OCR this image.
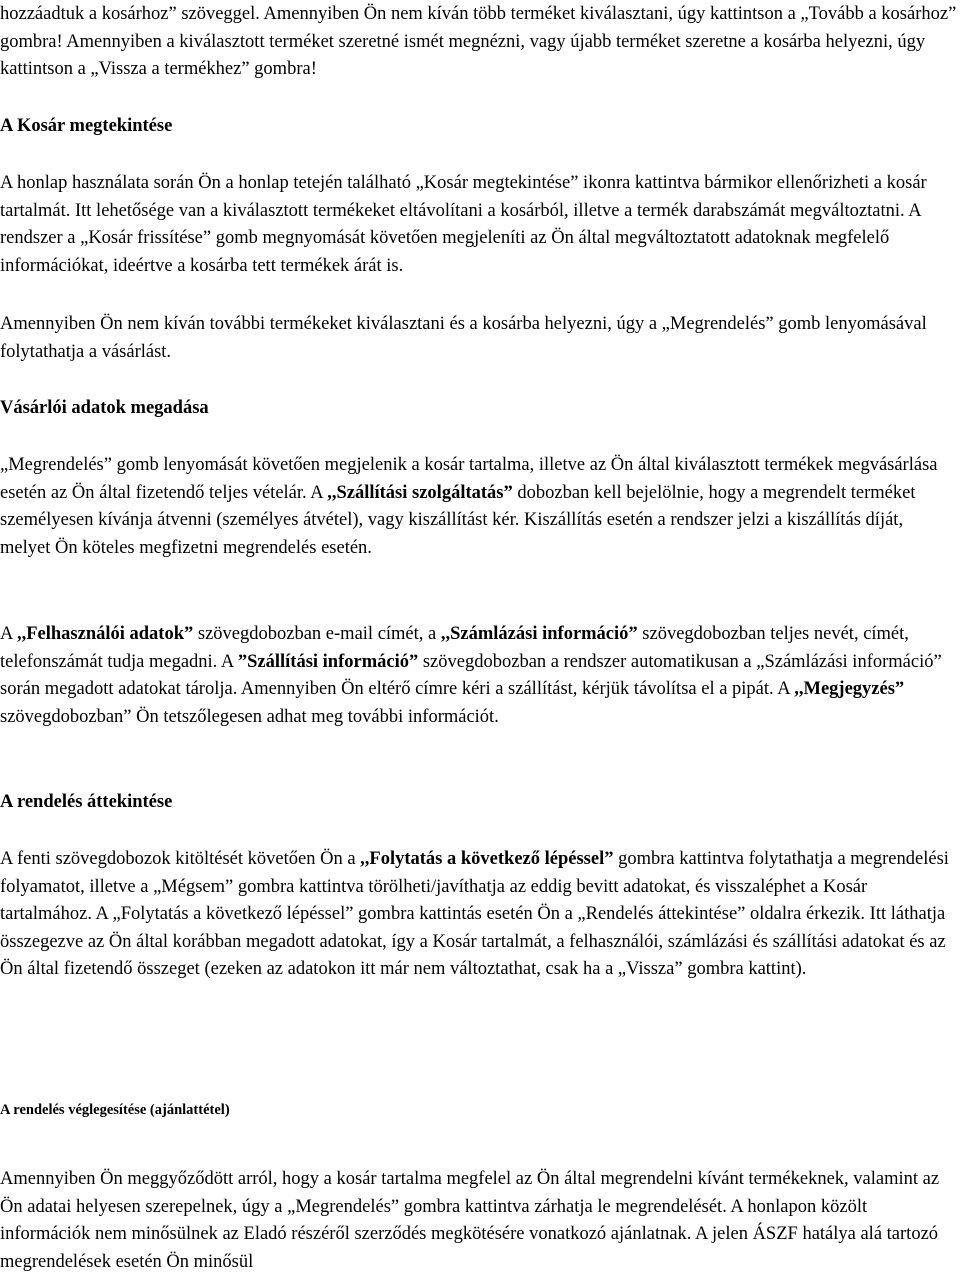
hozzáadtuk a kosárhoz” szöveggel. Amennyiben Ön nem kíván több terméket kiválasztani, úgy kattintson a „Tovább a kosárhoz” gombra! Amennyiben a kiválasztott terméket szeretné ismét megnézni, vagy újabb terméket szeretne a kosárba helyezni, úgy kattintson a „Vissza a termékhez” gombra!

A Kosár megtekintése

A honlap használata során Ön a honlap tetején található „Kosár megtekintése” ikonra kattintva bármikor ellenőrizheti a kosár tartalmát. Itt lehetősége van a kiválasztott termékeket eltávolítani a kosárból, illetve a termék darabszámát megváltoztatni. A rendszer a „Kosár frissítése” gomb megnyomását követően megjeleníti az Ön által megváltoztatott adatoknak megfelelő információkat, ideértve a kosárba tett termékek árát is.

Amennyiben Ön nem kíván további termékeket kiválasztani és a kosárba helyezni, úgy a „Megrendelés” gomb lenyomásával folytathatja a vásárlást.

Vásárlói adatok megadása

„Megrendelés” gomb lenyomását követően megjelenik a kosár tartalma, illetve az Ön által kiválasztott termékek megvásárlása esetén az Ön által fizetendő teljes vételár. A ,,Szállítási szolgáltatás” dobozban kell bejelölnie, hogy a megrendelt terméket személyesen kívánja átvenni (személyes átvétel), vagy kiszállítást kér. Kiszállítás esetén a rendszer jelzi a kiszállítás díját, melyet Ön köteles megfizetni megrendelés esetén.

A ,,Felhasználói adatok” szövegdobozban e-mail címét, a ,,Számlázási információ” szövegdobozban teljes nevét, címét, telefonszámát tudja megadni. A ”Szállítási információ” szövegdobozban a rendszer automatikusan a „Számlázási információ” során megadott adatokat tárolja. Amennyiben Ön eltérő címre kéri a szállítást, kérjük távolítsa el a pipát. A ,,Megjegyzés” szövegdobozban” Ön tetszőlegesen adhat meg további információt.

A rendelés áttekintése

A fenti szövegdobozok kitöltését követően Ön a ,,Folytatás a következő lépéssel” gombra kattintva folytathatja a megrendelési folyamatot, illetve a „Mégsem” gombra kattintva törölheti/javíthatja az eddig bevitt adatokat, és visszaléphet a Kosár tartalmához. A „Folytatás a következő lépéssel” gombra kattintás esetén Ön a „Rendelés áttekintése” oldalra érkezik. Itt láthatja összegezve az Ön által korábban megadott adatokat, így a Kosár tartalmát, a felhasználói, számlázási és szállítási adatokat és az Ön által fizetendő összeget (ezeken az adatokon itt már nem változtathat, csak ha a „Vissza” gombra kattint).

A rendelés véglegesítése (ajánlattétel)

Amennyiben Ön meggyőződött arról, hogy a kosár tartalma megfelel az Ön által megrendelni kívánt termékeknek, valamint az Ön adatai helyesen szerepelnek, úgy a „Megrendelés” gombra kattintva zárhatja le megrendelését. A honlapon közölt információk nem minősülnek az Eladó részéről szerződés megkötésére vonatkozó ajánlatnak. A jelen ÁSZF hatálya alá tartozó megrendelések esetén Ön minősül
